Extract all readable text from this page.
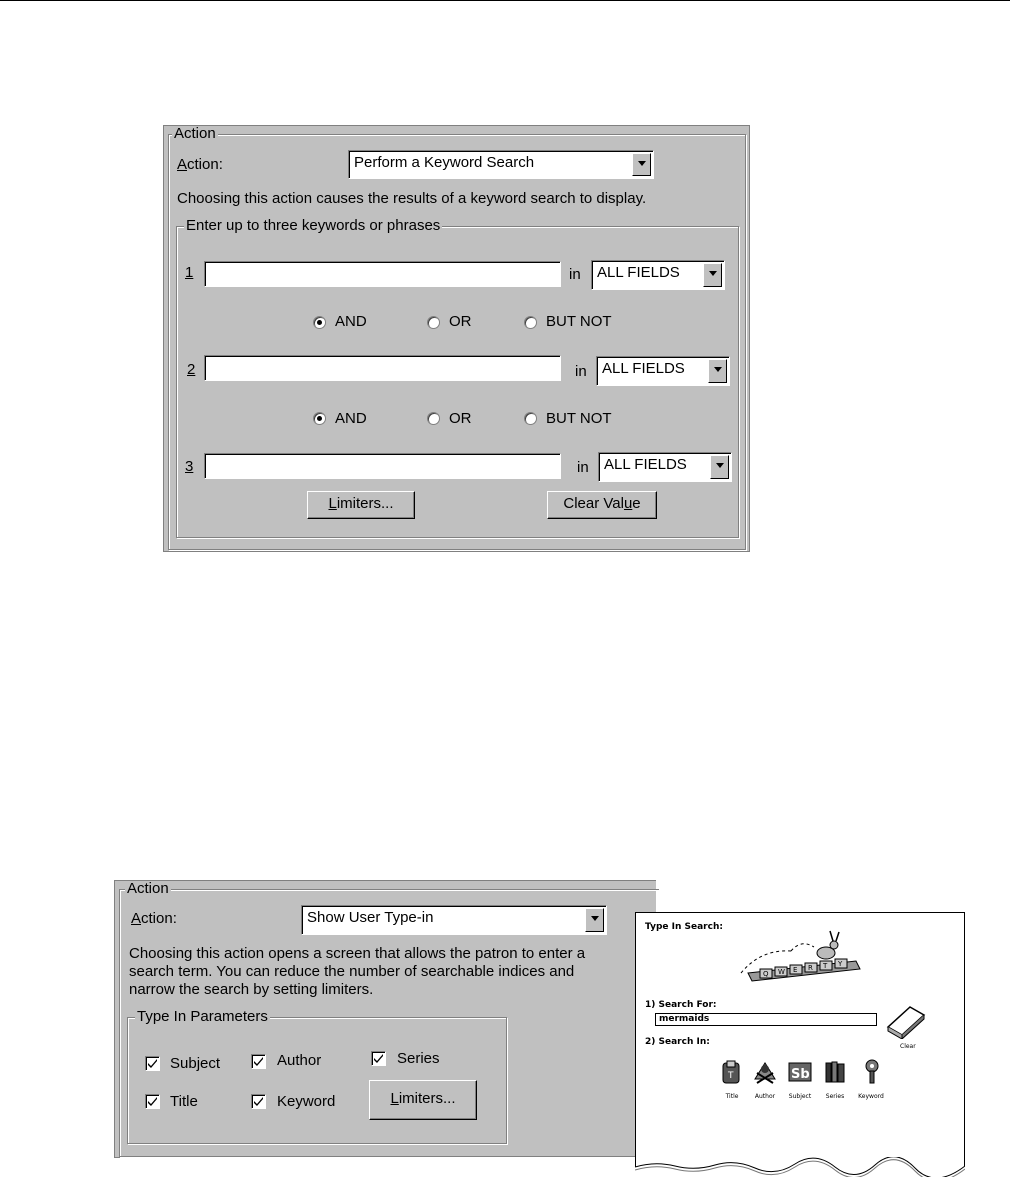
Action
Action:	Perform a Keyword Search
Choosing this action causes the results of a keyword search to display.
Enter up to three keywords or phrases
1	in ALL FIELDS
AND	OR	BUT NOT
2	in ALL FIELDS
AND	OR	BUT NOT
3	in ALL FIELDS
Limiters...	Clear Value
Action
Action:	Show User Type-in
Choosing this action opens a screen that allows the patron to enter a
search term. You can reduce the number of searchable indices and
narrow the search by setting limiters.
Type In Parameters
Subject	Author	Series
Title	Keyword	Limiters...
Type In Search:
Q W E R T Y
1) Search For:
mermaids
Clear
2) Search In:
T	Sb
Title	Author	Subject	Series	Keyword
